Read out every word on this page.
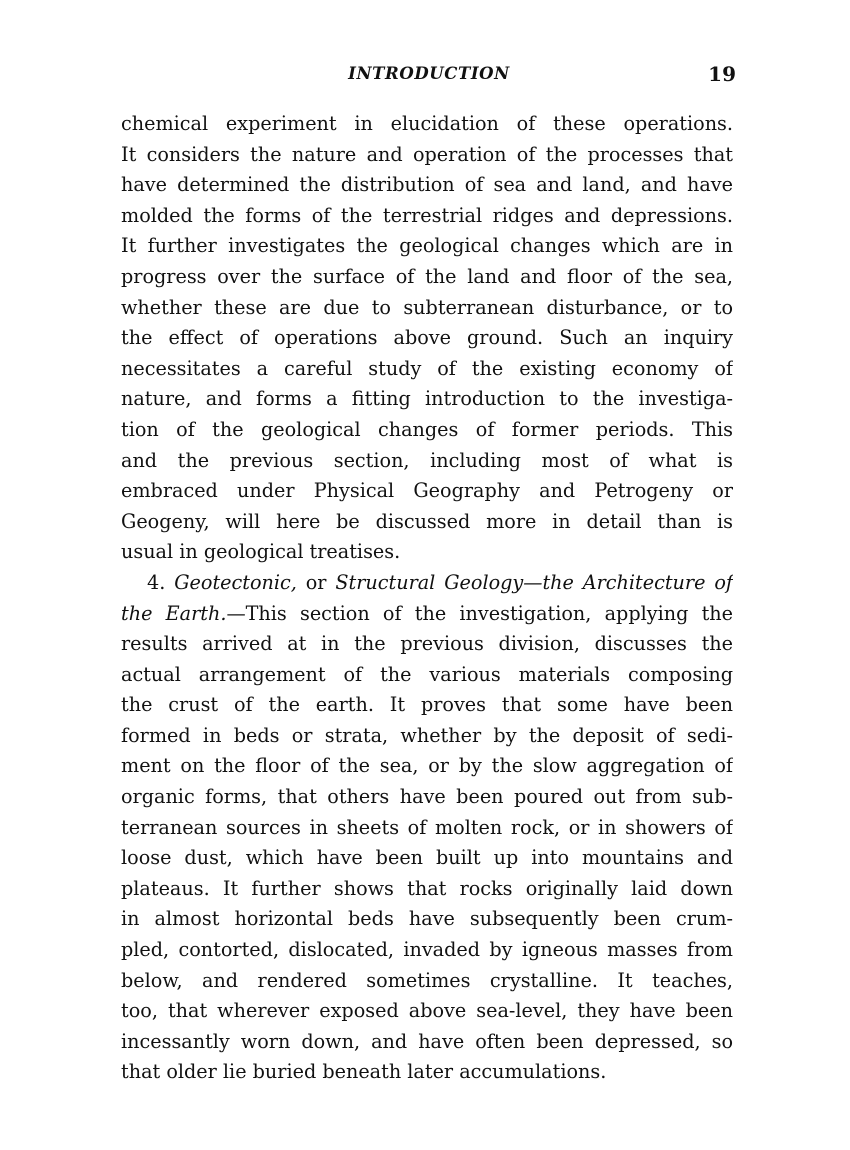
INTRODUCTION	19
chemical experiment in elucidation of these operations.
It considers the nature and operation of the processes that
have determined the distribution of sea and land, and have
molded the forms of the terrestrial ridges and depressions.
It further investigates the geological changes which are in
progress over the surface of the land and floor of the sea,
whether these are due to subterranean disturbance, or to
the effect of operations above ground. Such an inquiry
necessitates a careful study of the existing economy of
nature, and forms a fitting introduction to the investiga-
tion of the geological changes of former periods. This
and the previous section, including most of what is
embraced under Physical Geography and Petrogeny or
Geogeny, will here be discussed more in detail than is
usual in geological treatises.
4. Geotectonic, or Structural Geology—the Architecture of
the Earth.—This section of the investigation, applying the
results arrived at in the previous division, discusses the
actual arrangement of the various materials composing
the crust of the earth. It proves that some have been
formed in beds or strata, whether by the deposit of sedi-
ment on the floor of the sea, or by the slow aggregation of
organic forms, that others have been poured out from sub-
terranean sources in sheets of molten rock, or in showers of
loose dust, which have been built up into mountains and
plateaus. It further shows that rocks originally laid down
in almost horizontal beds have subsequently been crum-
pled, contorted, dislocated, invaded by igneous masses from
below, and rendered sometimes crystalline. It teaches,
too, that wherever exposed above sea-level, they have been
incessantly worn down, and have often been depressed, so
that older lie buried beneath later accumulations.
